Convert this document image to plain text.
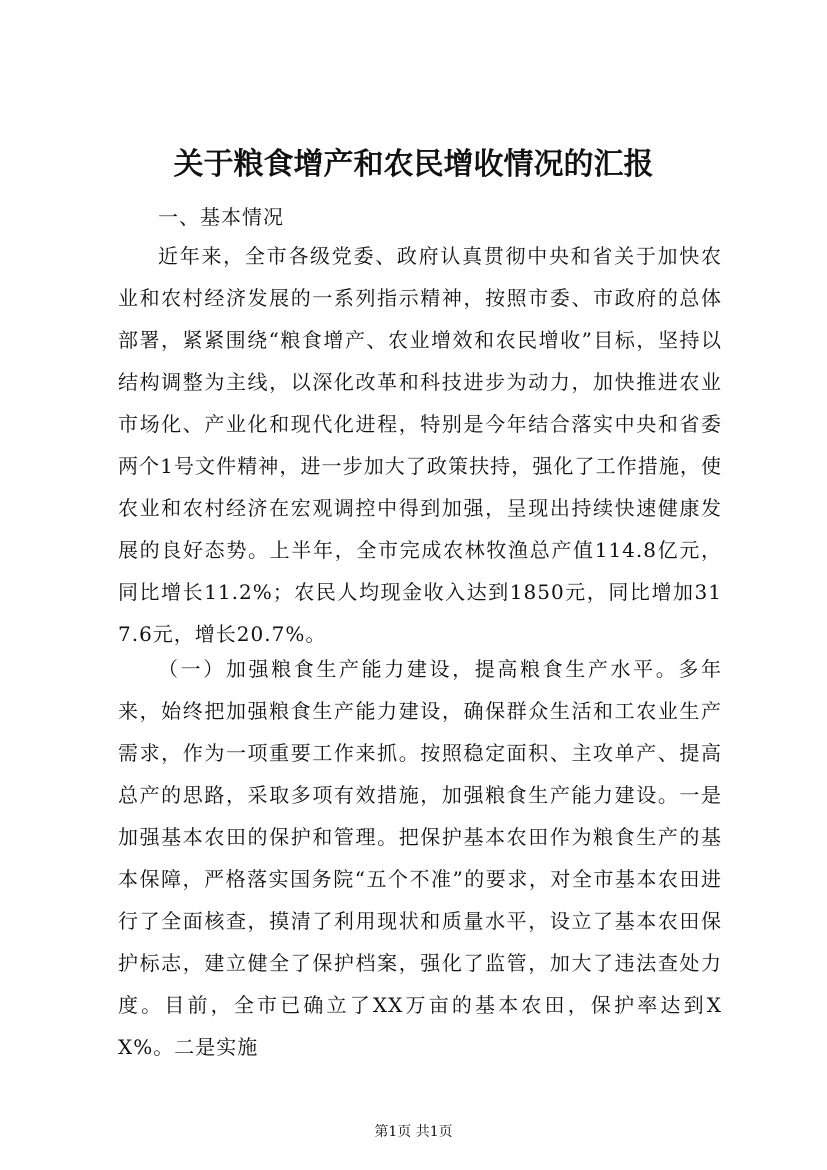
关于粮食增产和农民增收情况的汇报

一、基本情况

近年来，全市各级党委、政府认真贯彻中央和省关于加快农业和农村经济发展的一系列指示精神，按照市委、市政府的总体部署，紧紧围绕“粮食增产、农业增效和农民增收”目标，坚持以结构调整为主线，以深化改革和科技进步为动力，加快推进农业市场化、产业化和现代化进程，特别是今年结合落实中央和省委两个1号文件精神，进一步加大了政策扶持，强化了工作措施，使农业和农村经济在宏观调控中得到加强，呈现出持续快速健康发展的良好态势。上半年，全市完成农林牧渔总产值114.8亿元，同比增长11.2%；农民人均现金收入达到1850元，同比增加317.6元，增长20.7%。

（一）加强粮食生产能力建设，提高粮食生产水平。多年来，始终把加强粮食生产能力建设，确保群众生活和工农业生产需求，作为一项重要工作来抓。按照稳定面积、主攻单产、提高总产的思路，采取多项有效措施，加强粮食生产能力建设。一是加强基本农田的保护和管理。把保护基本农田作为粮食生产的基本保障，严格落实国务院“五个不准”的要求，对全市基本农田进行了全面核查，摸清了利用现状和质量水平，设立了基本农田保护标志，建立健全了保护档案，强化了监管，加大了违法查处力度。目前，全市已确立了XX万亩的基本农田，保护率达到XX%。二是实施

第1页 共1页
